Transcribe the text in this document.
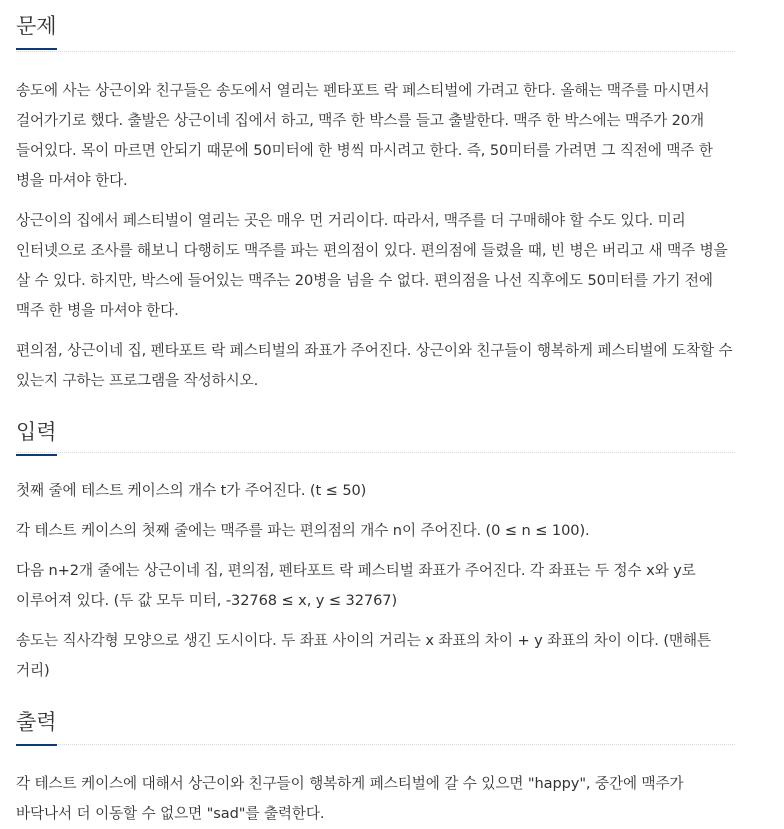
문제

송도에 사는 상근이와 친구들은 송도에서 열리는 펜타포트 락 페스티벌에 가려고 한다. 올해는 맥주를 마시면서 걸어가기로 했다. 출발은 상근이네 집에서 하고, 맥주 한 박스를 들고 출발한다. 맥주 한 박스에는 맥주가 20개 들어있다. 목이 마르면 안되기 때문에 50미터에 한 병씩 마시려고 한다. 즉, 50미터를 가려면 그 직전에 맥주 한 병을 마셔야 한다.

상근이의 집에서 페스티벌이 열리는 곳은 매우 먼 거리이다. 따라서, 맥주를 더 구매해야 할 수도 있다. 미리 인터넷으로 조사를 해보니 다행히도 맥주를 파는 편의점이 있다. 편의점에 들렸을 때, 빈 병은 버리고 새 맥주 병을 살 수 있다. 하지만, 박스에 들어있는 맥주는 20병을 넘을 수 없다. 편의점을 나선 직후에도 50미터를 가기 전에 맥주 한 병을 마셔야 한다.

편의점, 상근이네 집, 펜타포트 락 페스티벌의 좌표가 주어진다. 상근이와 친구들이 행복하게 페스티벌에 도착할 수 있는지 구하는 프로그램을 작성하시오.

입력

첫째 줄에 테스트 케이스의 개수 t가 주어진다. (t ≤ 50)

각 테스트 케이스의 첫째 줄에는 맥주를 파는 편의점의 개수 n이 주어진다. (0 ≤ n ≤ 100).

다음 n+2개 줄에는 상근이네 집, 편의점, 펜타포트 락 페스티벌 좌표가 주어진다. 각 좌표는 두 정수 x와 y로 이루어져 있다. (두 값 모두 미터, -32768 ≤ x, y ≤ 32767)

송도는 직사각형 모양으로 생긴 도시이다. 두 좌표 사이의 거리는 x 좌표의 차이 + y 좌표의 차이 이다. (맨해튼 거리)

출력

각 테스트 케이스에 대해서 상근이와 친구들이 행복하게 페스티벌에 갈 수 있으면 "happy", 중간에 맥주가 바닥나서 더 이동할 수 없으면 "sad"를 출력한다.
